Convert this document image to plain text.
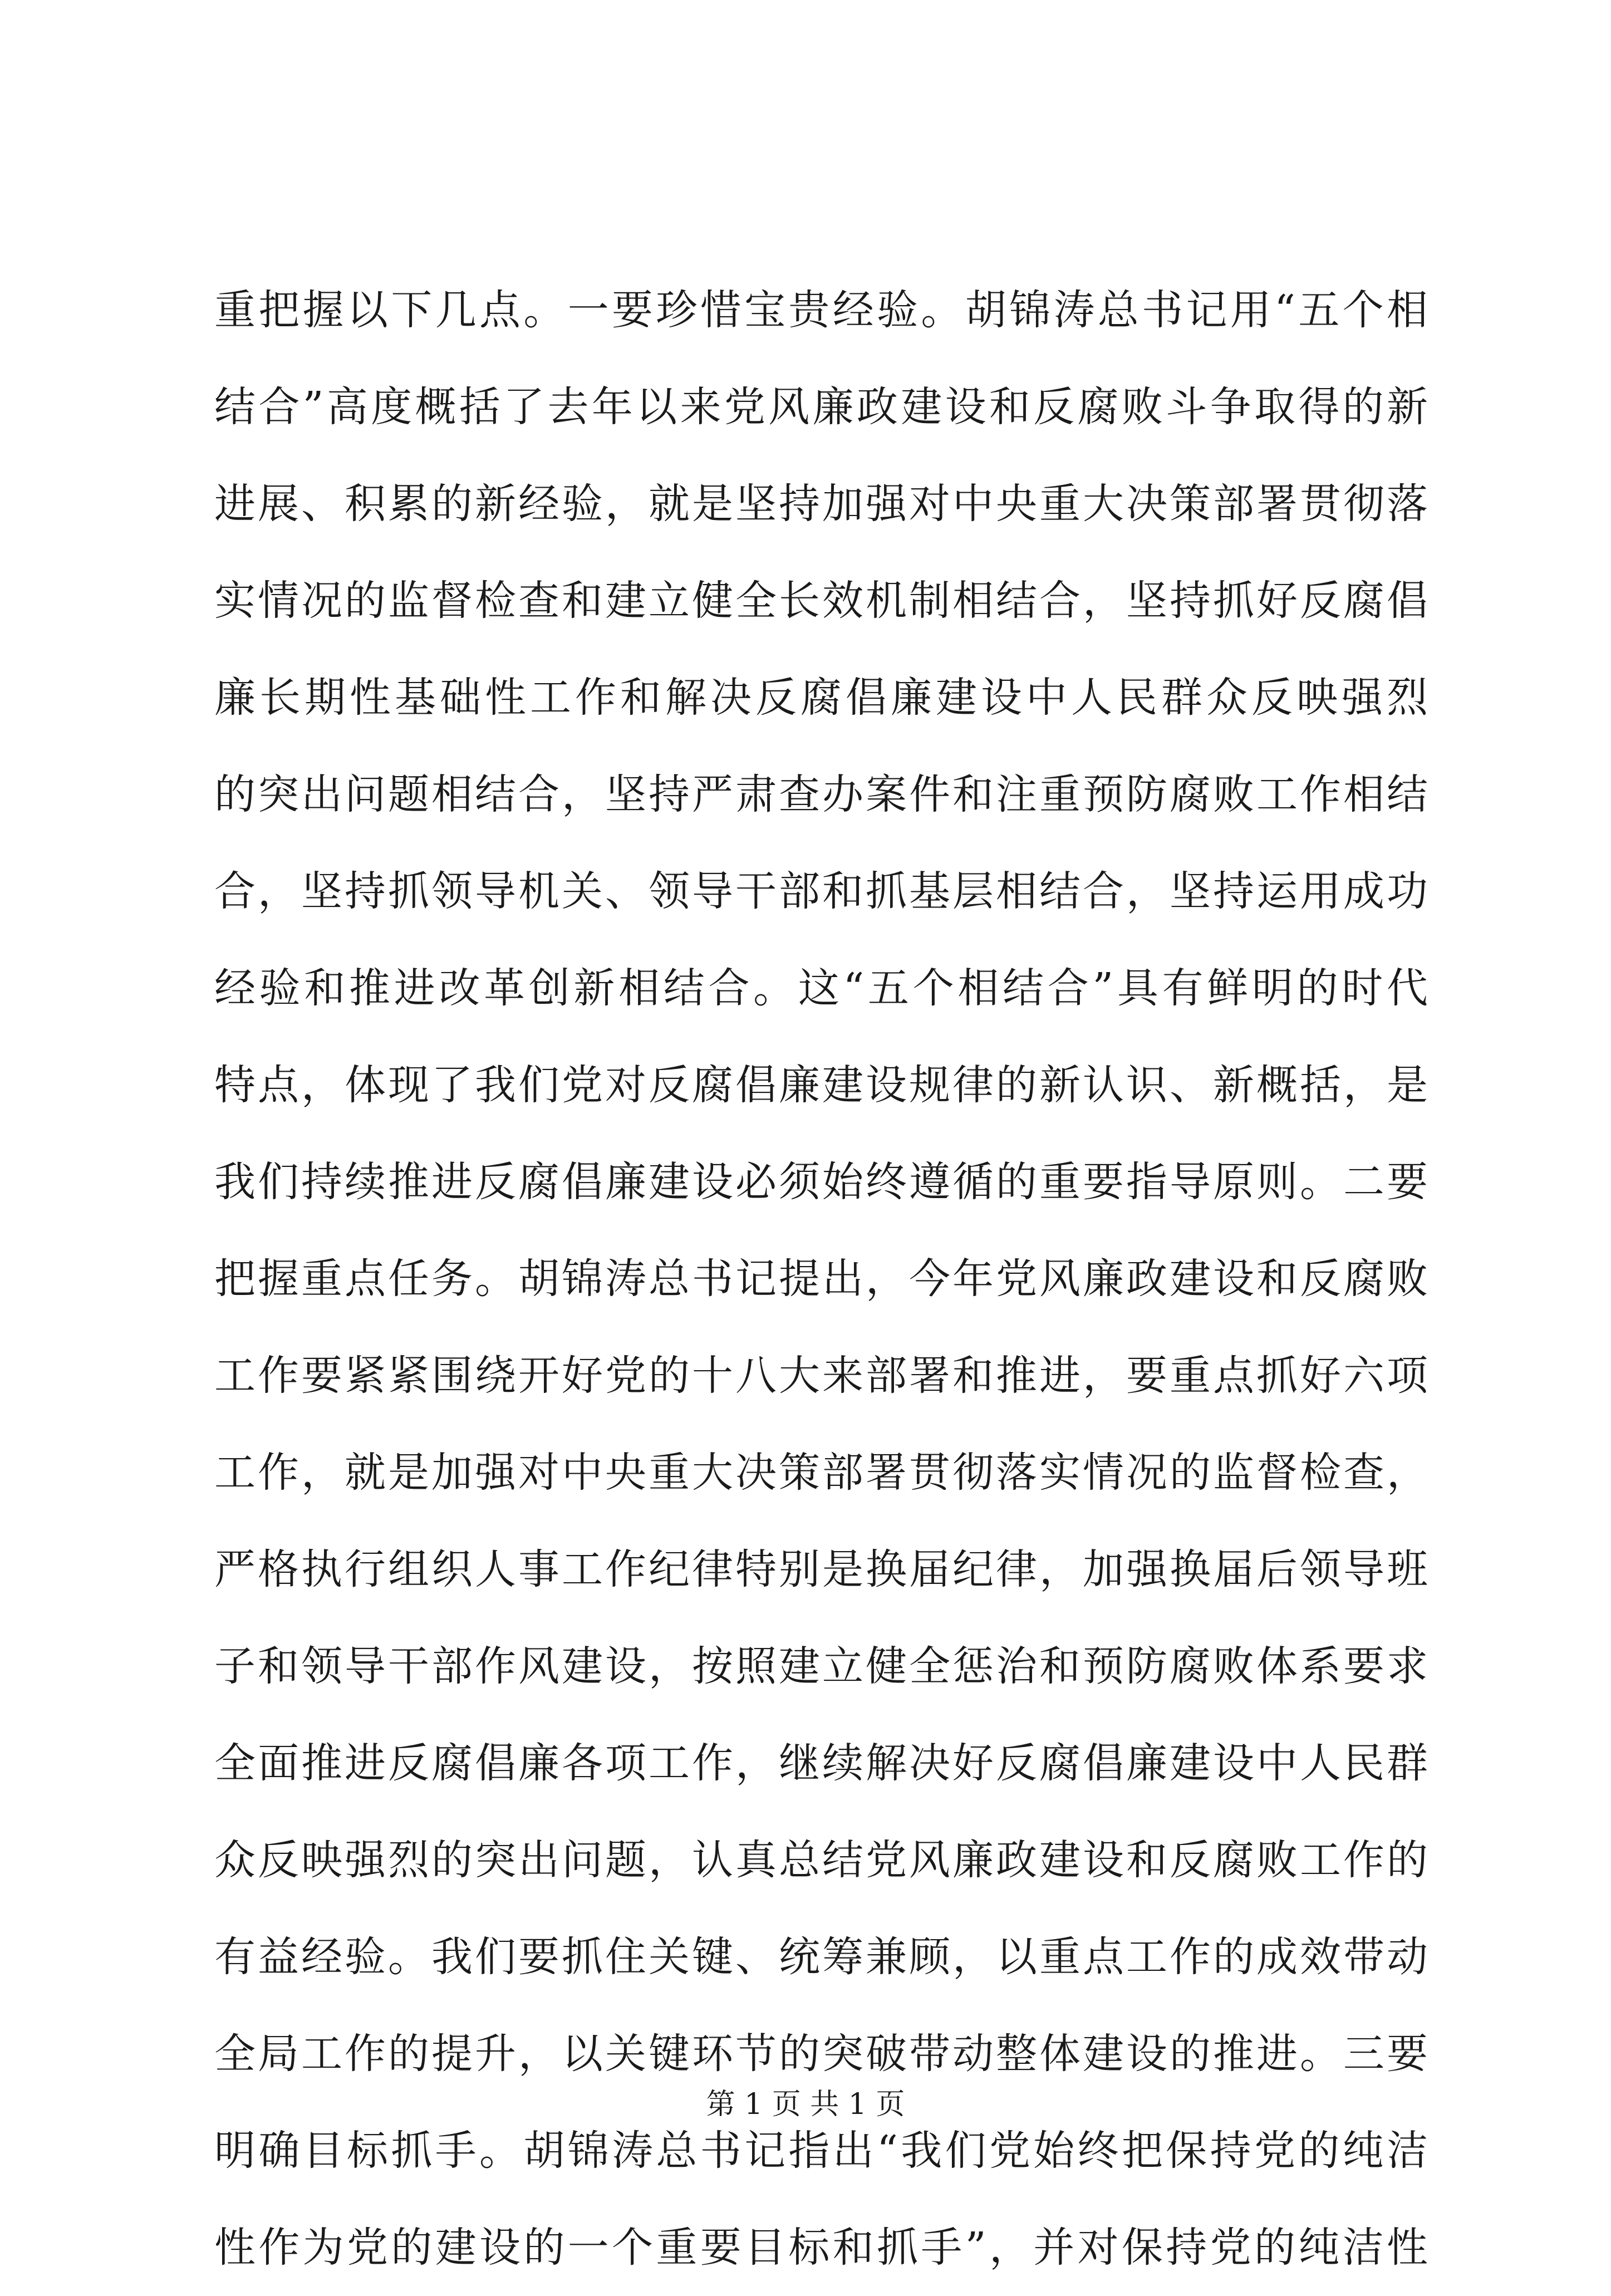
重把握以下几点。一要珍惜宝贵经验。胡锦涛总书记用“五个相
结合”高度概括了去年以来党风廉政建设和反腐败斗争取得的新
进展、积累的新经验，就是坚持加强对中央重大决策部署贯彻落
实情况的监督检查和建立健全长效机制相结合，坚持抓好反腐倡
廉长期性基础性工作和解决反腐倡廉建设中人民群众反映强烈
的突出问题相结合，坚持严肃查办案件和注重预防腐败工作相结
合，坚持抓领导机关、领导干部和抓基层相结合，坚持运用成功
经验和推进改革创新相结合。这“五个相结合”具有鲜明的时代
特点，体现了我们党对反腐倡廉建设规律的新认识、新概括，是
我们持续推进反腐倡廉建设必须始终遵循的重要指导原则。二要
把握重点任务。胡锦涛总书记提出，今年党风廉政建设和反腐败
工作要紧紧围绕开好党的十八大来部署和推进，要重点抓好六项
工作，就是加强对中央重大决策部署贯彻落实情况的监督检查，
严格执行组织人事工作纪律特别是换届纪律，加强换届后领导班
子和领导干部作风建设，按照建立健全惩治和预防腐败体系要求
全面推进反腐倡廉各项工作，继续解决好反腐倡廉建设中人民群
众反映强烈的突出问题，认真总结党风廉政建设和反腐败工作的
有益经验。我们要抓住关键、统筹兼顾，以重点工作的成效带动
全局工作的提升，以关键环节的突破带动整体建设的推进。三要
明确目标抓手。胡锦涛总书记指出“我们党始终把保持党的纯洁
性作为党的建设的一个重要目标和抓手”，并对保持党的纯洁性
第 1 页 共 1 页
